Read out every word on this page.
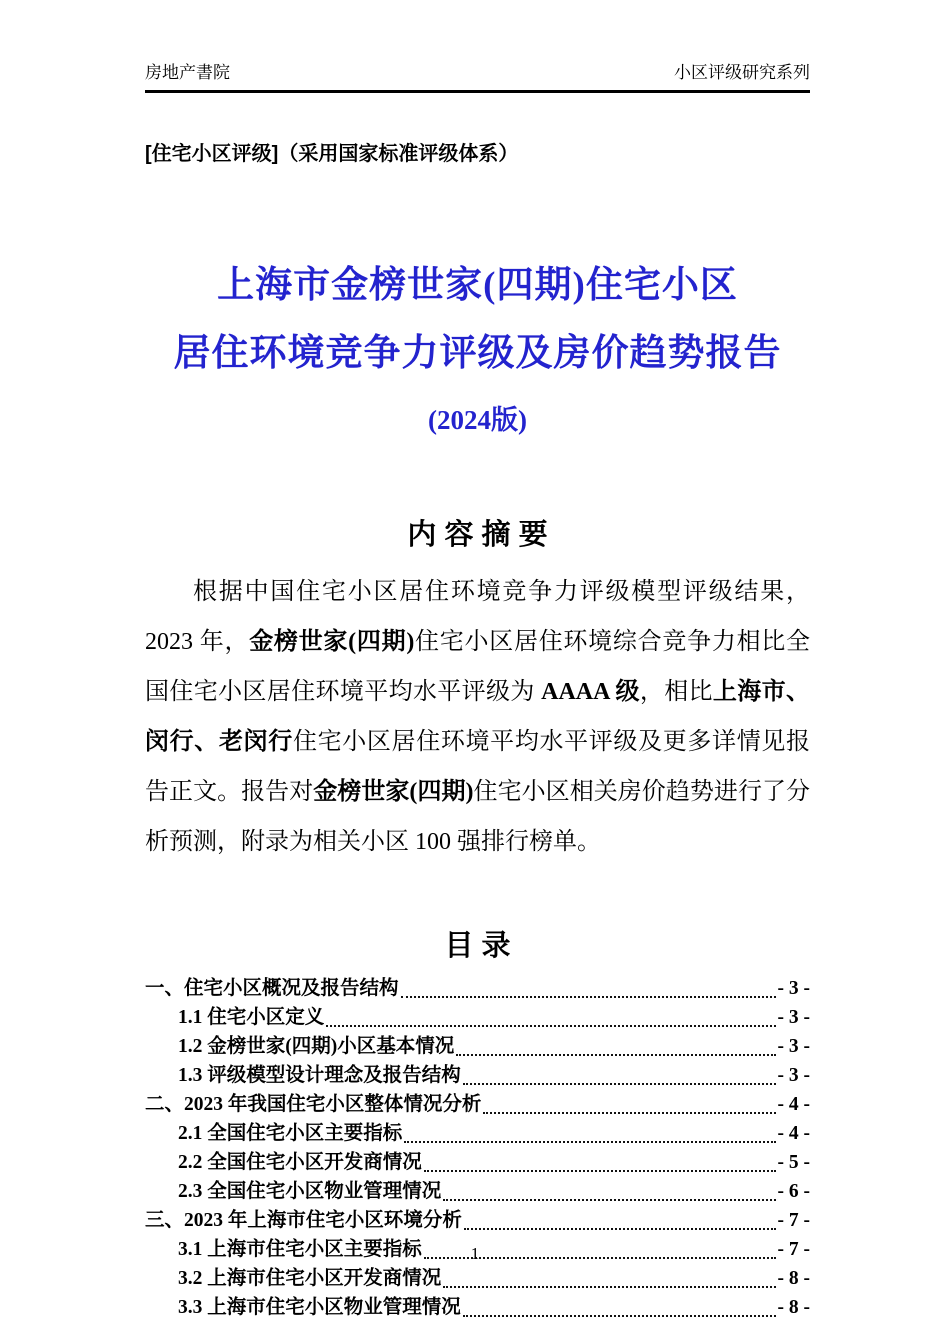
房地产書院	小区评级研究系列
[住宅小区评级]（采用国家标准评级体系）
上海市金榜世家(四期)住宅小区
居住环境竞争力评级及房价趋势报告
(2024版)
内 容 摘 要

根据中国住宅小区居住环境竞争力评级模型评级结果，2023 年，金榜世家(四期)住宅小区居住环境综合竞争力相比全国住宅小区居住环境平均水平评级为 AAAA 级，相比上海市、闵行、老闵行住宅小区居住环境平均水平评级及更多详情见报告正文。报告对金榜世家(四期)住宅小区相关房价趋势进行了分析预测，附录为相关小区 100 强排行榜单。

目 录
一、住宅小区概况及报告结构	- 3 -
1.1 住宅小区定义	- 3 -
1.2 金榜世家(四期)小区基本情况	- 3 -
1.3 评级模型设计理念及报告结构	- 3 -
二、2023 年我国住宅小区整体情况分析	- 4 -
2.1 全国住宅小区主要指标	- 4 -
2.2 全国住宅小区开发商情况	- 5 -
2.3 全国住宅小区物业管理情况	- 6 -
三、2023 年上海市住宅小区环境分析	- 7 -
3.1 上海市住宅小区主要指标	- 7 -
3.2 上海市住宅小区开发商情况	- 8 -
3.3 上海市住宅小区物业管理情况	- 8 -
1
